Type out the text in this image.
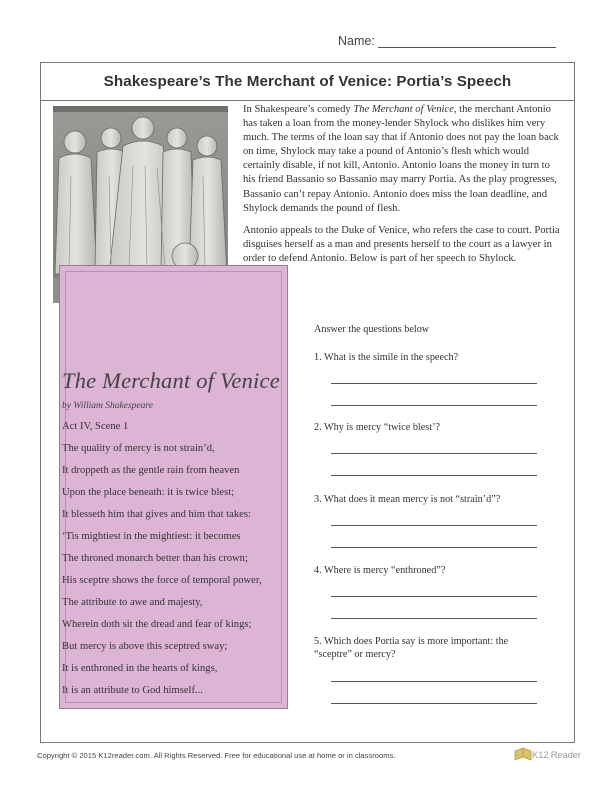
Name:
Shakespeare’s The Merchant of Venice: Portia’s Speech

In Shakespeare’s comedy The Merchant of Venice, the merchant Antonio has taken a loan from the money-lender Shylock who dislikes him very much. The terms of the loan say that if Antonio does not pay the loan back on time, Shylock may take a pound of Antonio’s flesh which would certainly disable, if not kill, Antonio. Antonio loans the money in turn to his friend Bassanio so Bassanio may marry Portia. As the play progresses, Bassanio can’t repay Antonio. Antonio does miss the loan deadline, and Shylock demands the pound of flesh.

Antonio appeals to the Duke of Venice, who refers the case to court. Portia disguises herself as a man and presents herself to the court as a lawyer in order to defend Antonio. Below is part of her speech to Shylock.

The Merchant of Venice
by William Shakespeare
Act IV, Scene 1
The quality of mercy is not strain’d,
It droppeth as the gentle rain from heaven
Upon the place beneath: it is twice blest;
It blesseth him that gives and him that takes:
‘Tis mightiest in the mightiest: it becomes
The throned monarch better than his crown;
His sceptre shows the force of temporal power,
The attribute to awe and majesty,
Wherein doth sit the dread and fear of kings;
But mercy is above this sceptred sway;
It is enthroned in the hearts of kings,
It is an attribute to God himself...
Answer the questions below
1. What is the simile in the speech?
2. Why is mercy “twice blest’?
3. What does it mean mercy is not “strain’d”?
4. Where is mercy “enthroned”?
5. Which does Portia say is more important: the “sceptre” or mercy?
Copyright © 2015 K12reader.com. All Rights Reserved. Free for educational use at home or in classrooms.	K12 Reader
